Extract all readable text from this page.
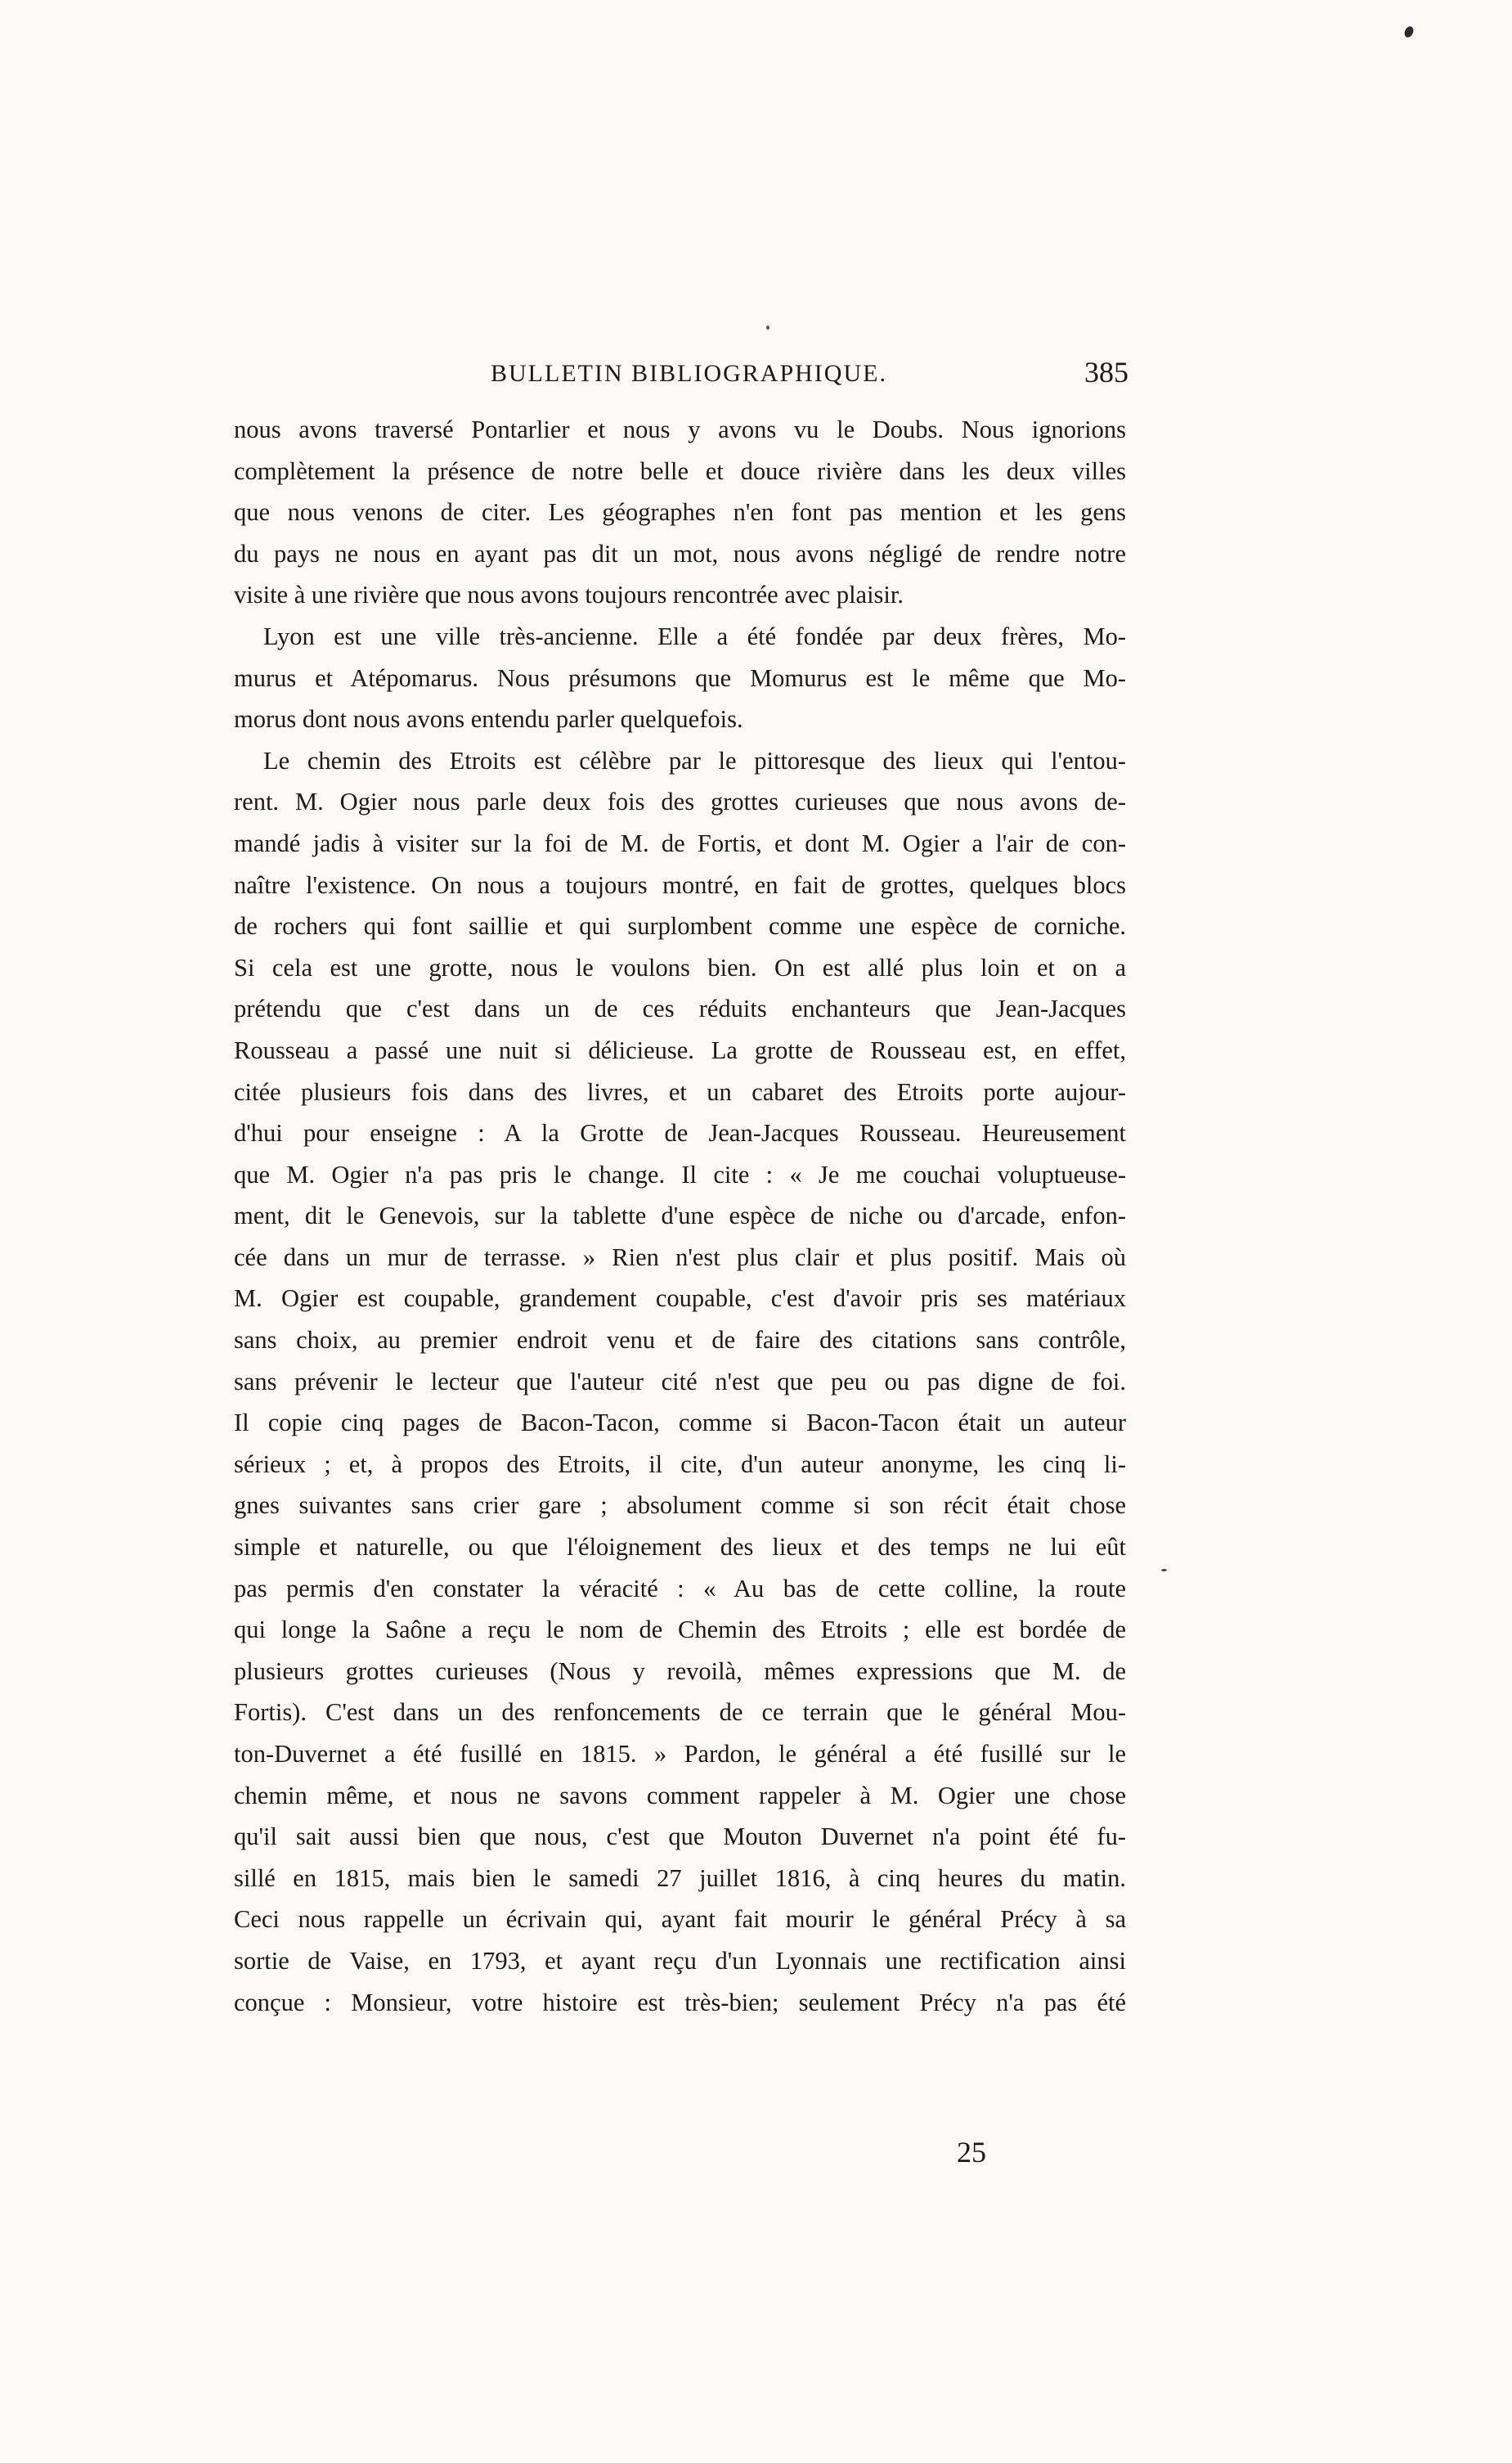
BULLETIN BIBLIOGRAPHIQUE.	385
nous avons traversé Pontarlier et nous y avons vu le Doubs. Nous ignorions
complètement la présence de notre belle et douce rivière dans les deux villes
que nous venons de citer. Les géographes n'en font pas mention et les gens
du pays ne nous en ayant pas dit un mot, nous avons négligé de rendre notre
visite à une rivière que nous avons toujours rencontrée avec plaisir.
Lyon est une ville très-ancienne. Elle a été fondée par deux frères, Mo-
murus et Atépomarus. Nous présumons que Momurus est le même que Mo-
morus dont nous avons entendu parler quelquefois.
Le chemin des Etroits est célèbre par le pittoresque des lieux qui l'entou-
rent. M. Ogier nous parle deux fois des grottes curieuses que nous avons de-
mandé jadis à visiter sur la foi de M. de Fortis, et dont M. Ogier a l'air de con-
naître l'existence. On nous a toujours montré, en fait de grottes, quelques blocs
de rochers qui font saillie et qui surplombent comme une espèce de corniche.
Si cela est une grotte, nous le voulons bien. On est allé plus loin et on a
prétendu que c'est dans un de ces réduits enchanteurs que Jean-Jacques
Rousseau a passé une nuit si délicieuse. La grotte de Rousseau est, en effet,
citée plusieurs fois dans des livres, et un cabaret des Etroits porte aujour-
d'hui pour enseigne : A la Grotte de Jean-Jacques Rousseau. Heureusement
que M. Ogier n'a pas pris le change. Il cite : « Je me couchai voluptueuse-
ment, dit le Genevois, sur la tablette d'une espèce de niche ou d'arcade, enfon-
cée dans un mur de terrasse. » Rien n'est plus clair et plus positif. Mais où
M. Ogier est coupable, grandement coupable, c'est d'avoir pris ses matériaux
sans choix, au premier endroit venu et de faire des citations sans contrôle,
sans prévenir le lecteur que l'auteur cité n'est que peu ou pas digne de foi.
Il copie cinq pages de Bacon-Tacon, comme si Bacon-Tacon était un auteur
sérieux ; et, à propos des Etroits, il cite, d'un auteur anonyme, les cinq li-
gnes suivantes sans crier gare ; absolument comme si son récit était chose
simple et naturelle, ou que l'éloignement des lieux et des temps ne lui eût
pas permis d'en constater la véracité : « Au bas de cette colline, la route
qui longe la Saône a reçu le nom de Chemin des Etroits ; elle est bordée de
plusieurs grottes curieuses (Nous y revoilà, mêmes expressions que M. de
Fortis). C'est dans un des renfoncements de ce terrain que le général Mou-
ton-Duvernet a été fusillé en 1815. » Pardon, le général a été fusillé sur le
chemin même, et nous ne savons comment rappeler à M. Ogier une chose
qu'il sait aussi bien que nous, c'est que Mouton Duvernet n'a point été fu-
sillé en 1815, mais bien le samedi 27 juillet 1816, à cinq heures du matin.
Ceci nous rappelle un écrivain qui, ayant fait mourir le général Précy à sa
sortie de Vaise, en 1793, et ayant reçu d'un Lyonnais une rectification ainsi
conçue : Monsieur, votre histoire est très-bien; seulement Précy n'a pas été
25
